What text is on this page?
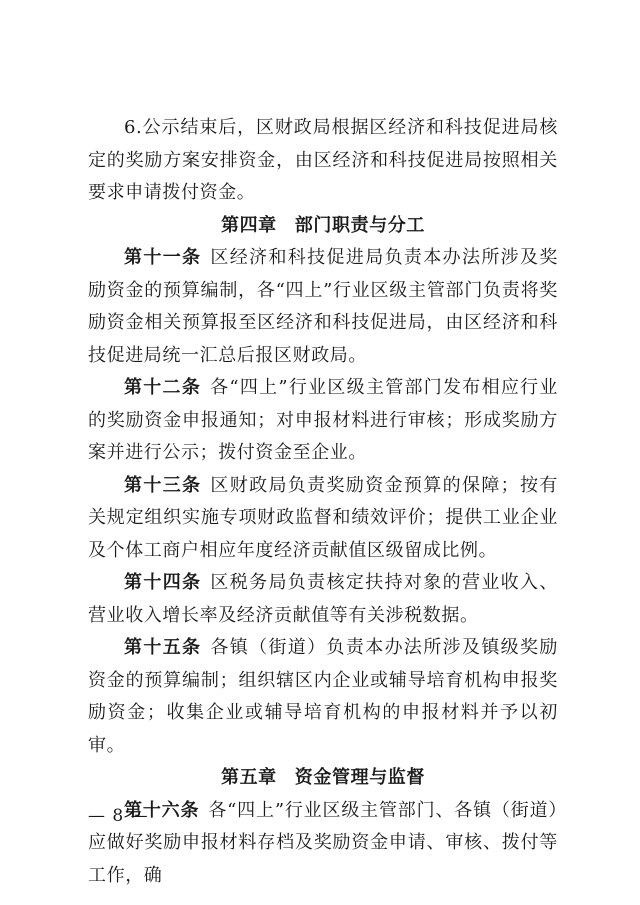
6.公示结束后，区财政局根据区经济和科技促进局核定的奖励方案安排资金，由区经济和科技促进局按照相关要求申请拨付资金。

第四章 部门职责与分工

第十一条 区经济和科技促进局负责本办法所涉及奖励资金的预算编制，各“四上”行业区级主管部门负责将奖励资金相关预算报至区经济和科技促进局，由区经济和科技促进局统一汇总后报区财政局。

第十二条 各“四上”行业区级主管部门发布相应行业的奖励资金申报通知；对申报材料进行审核；形成奖励方案并进行公示；拨付资金至企业。

第十三条 区财政局负责奖励资金预算的保障；按有关规定组织实施专项财政监督和绩效评价；提供工业企业及个体工商户相应年度经济贡献值区级留成比例。

第十四条 区税务局负责核定扶持对象的营业收入、营业收入增长率及经济贡献值等有关涉税数据。

第十五条 各镇（街道）负责本办法所涉及镇级奖励资金的预算编制；组织辖区内企业或辅导培育机构申报奖励资金；收集企业或辅导培育机构的申报材料并予以初审。

第五章 资金管理与监督

第十六条 各“四上”行业区级主管部门、各镇（街道）应做好奖励申报材料存档及奖励资金申请、审核、拨付等工作，确

— 8 —
